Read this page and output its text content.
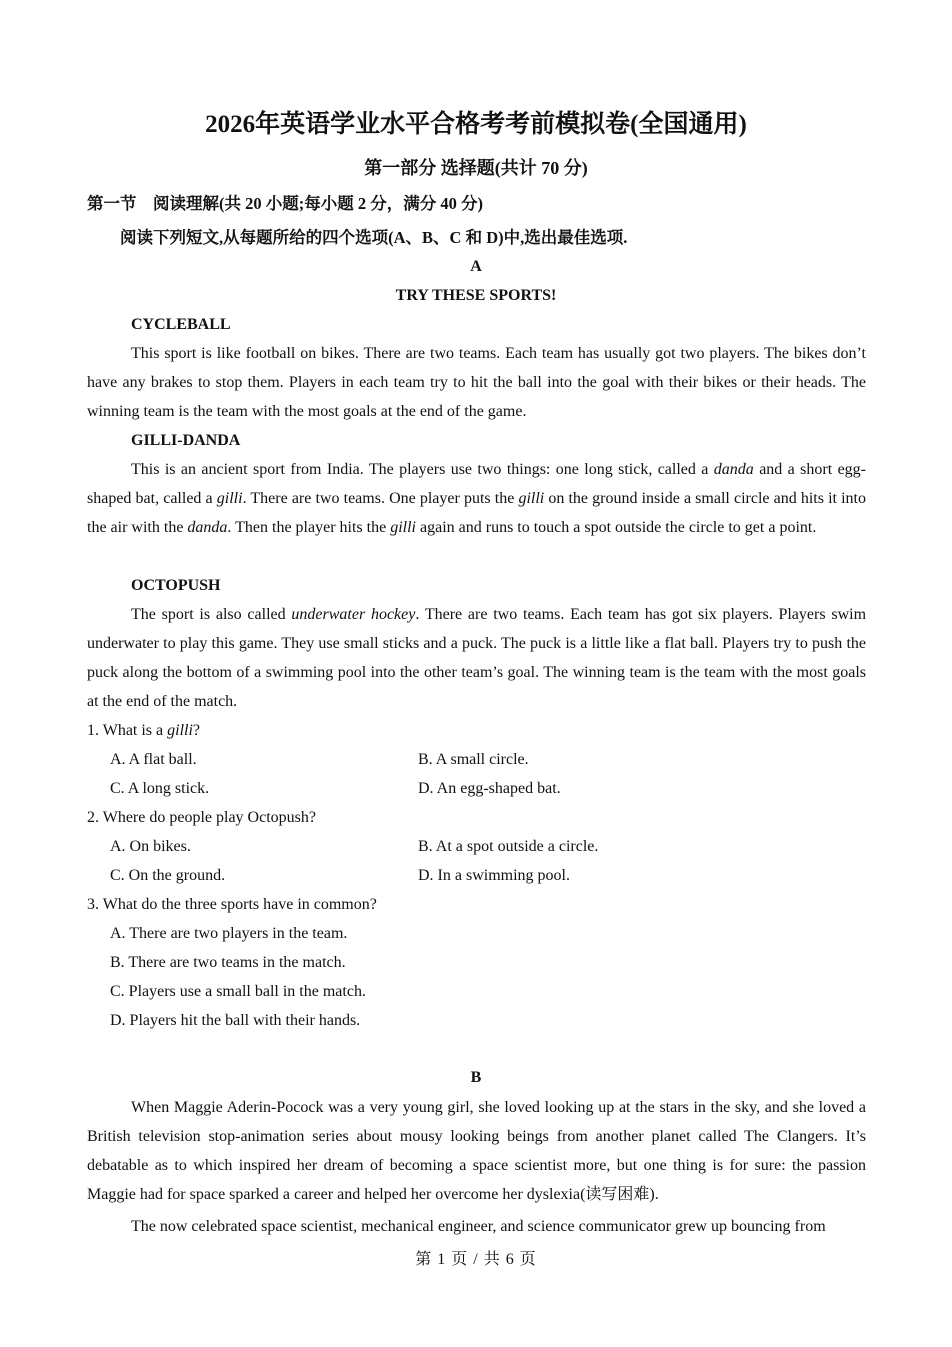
2026年英语学业水平合格考考前模拟卷(全国通用)
第一部分 选择题(共计 70 分)
第一节    阅读理解(共 20 小题;每小题 2 分，满分 40 分)
阅读下列短文,从每题所给的四个选项(A、B、C 和 D)中,选出最佳选项.
A
TRY THESE SPORTS!
CYCLEBALL
This sport is like football on bikes. There are two teams. Each team has usually got two players. The bikes don’t have any brakes to stop them. Players in each team try to hit the ball into the goal with their bikes or their heads. The winning team is the team with the most goals at the end of the game.
GILLI-DANDA
This is an ancient sport from India. The players use two things: one long stick, called a danda and a short egg-shaped bat, called a gilli. There are two teams. One player puts the gilli on the ground inside a small circle and hits it into the air with the danda. Then the player hits the gilli again and runs to touch a spot outside the circle to get a point.
OCTOPUSH
The sport is also called underwater hockey. There are two teams. Each team has got six players. Players swim underwater to play this game. They use small sticks and a puck. The puck is a little like a flat ball. Players try to push the puck along the bottom of a swimming pool into the other team’s goal. The winning team is the team with the most goals at the end of the match.
1. What is a gilli?
A. A flat ball.	B. A small circle.
C. A long stick.	D. An egg-shaped bat.
2. Where do people play Octopush?
A. On bikes.	B. At a spot outside a circle.
C. On the ground.	D. In a swimming pool.
3. What do the three sports have in common?
A. There are two players in the team.
B. There are two teams in the match.
C. Players use a small ball in the match.
D. Players hit the ball with their hands.
B
When Maggie Aderin-Pocock was a very young girl, she loved looking up at the stars in the sky, and she loved a British television stop-animation series about mousy looking beings from another planet called The Clangers. It’s debatable as to which inspired her dream of becoming a space scientist more, but one thing is for sure: the passion Maggie had for space sparked a career and helped her overcome her dyslexia(读写困难).
The now celebrated space scientist, mechanical engineer, and science communicator grew up bouncing from
第 1 页 / 共 6 页
